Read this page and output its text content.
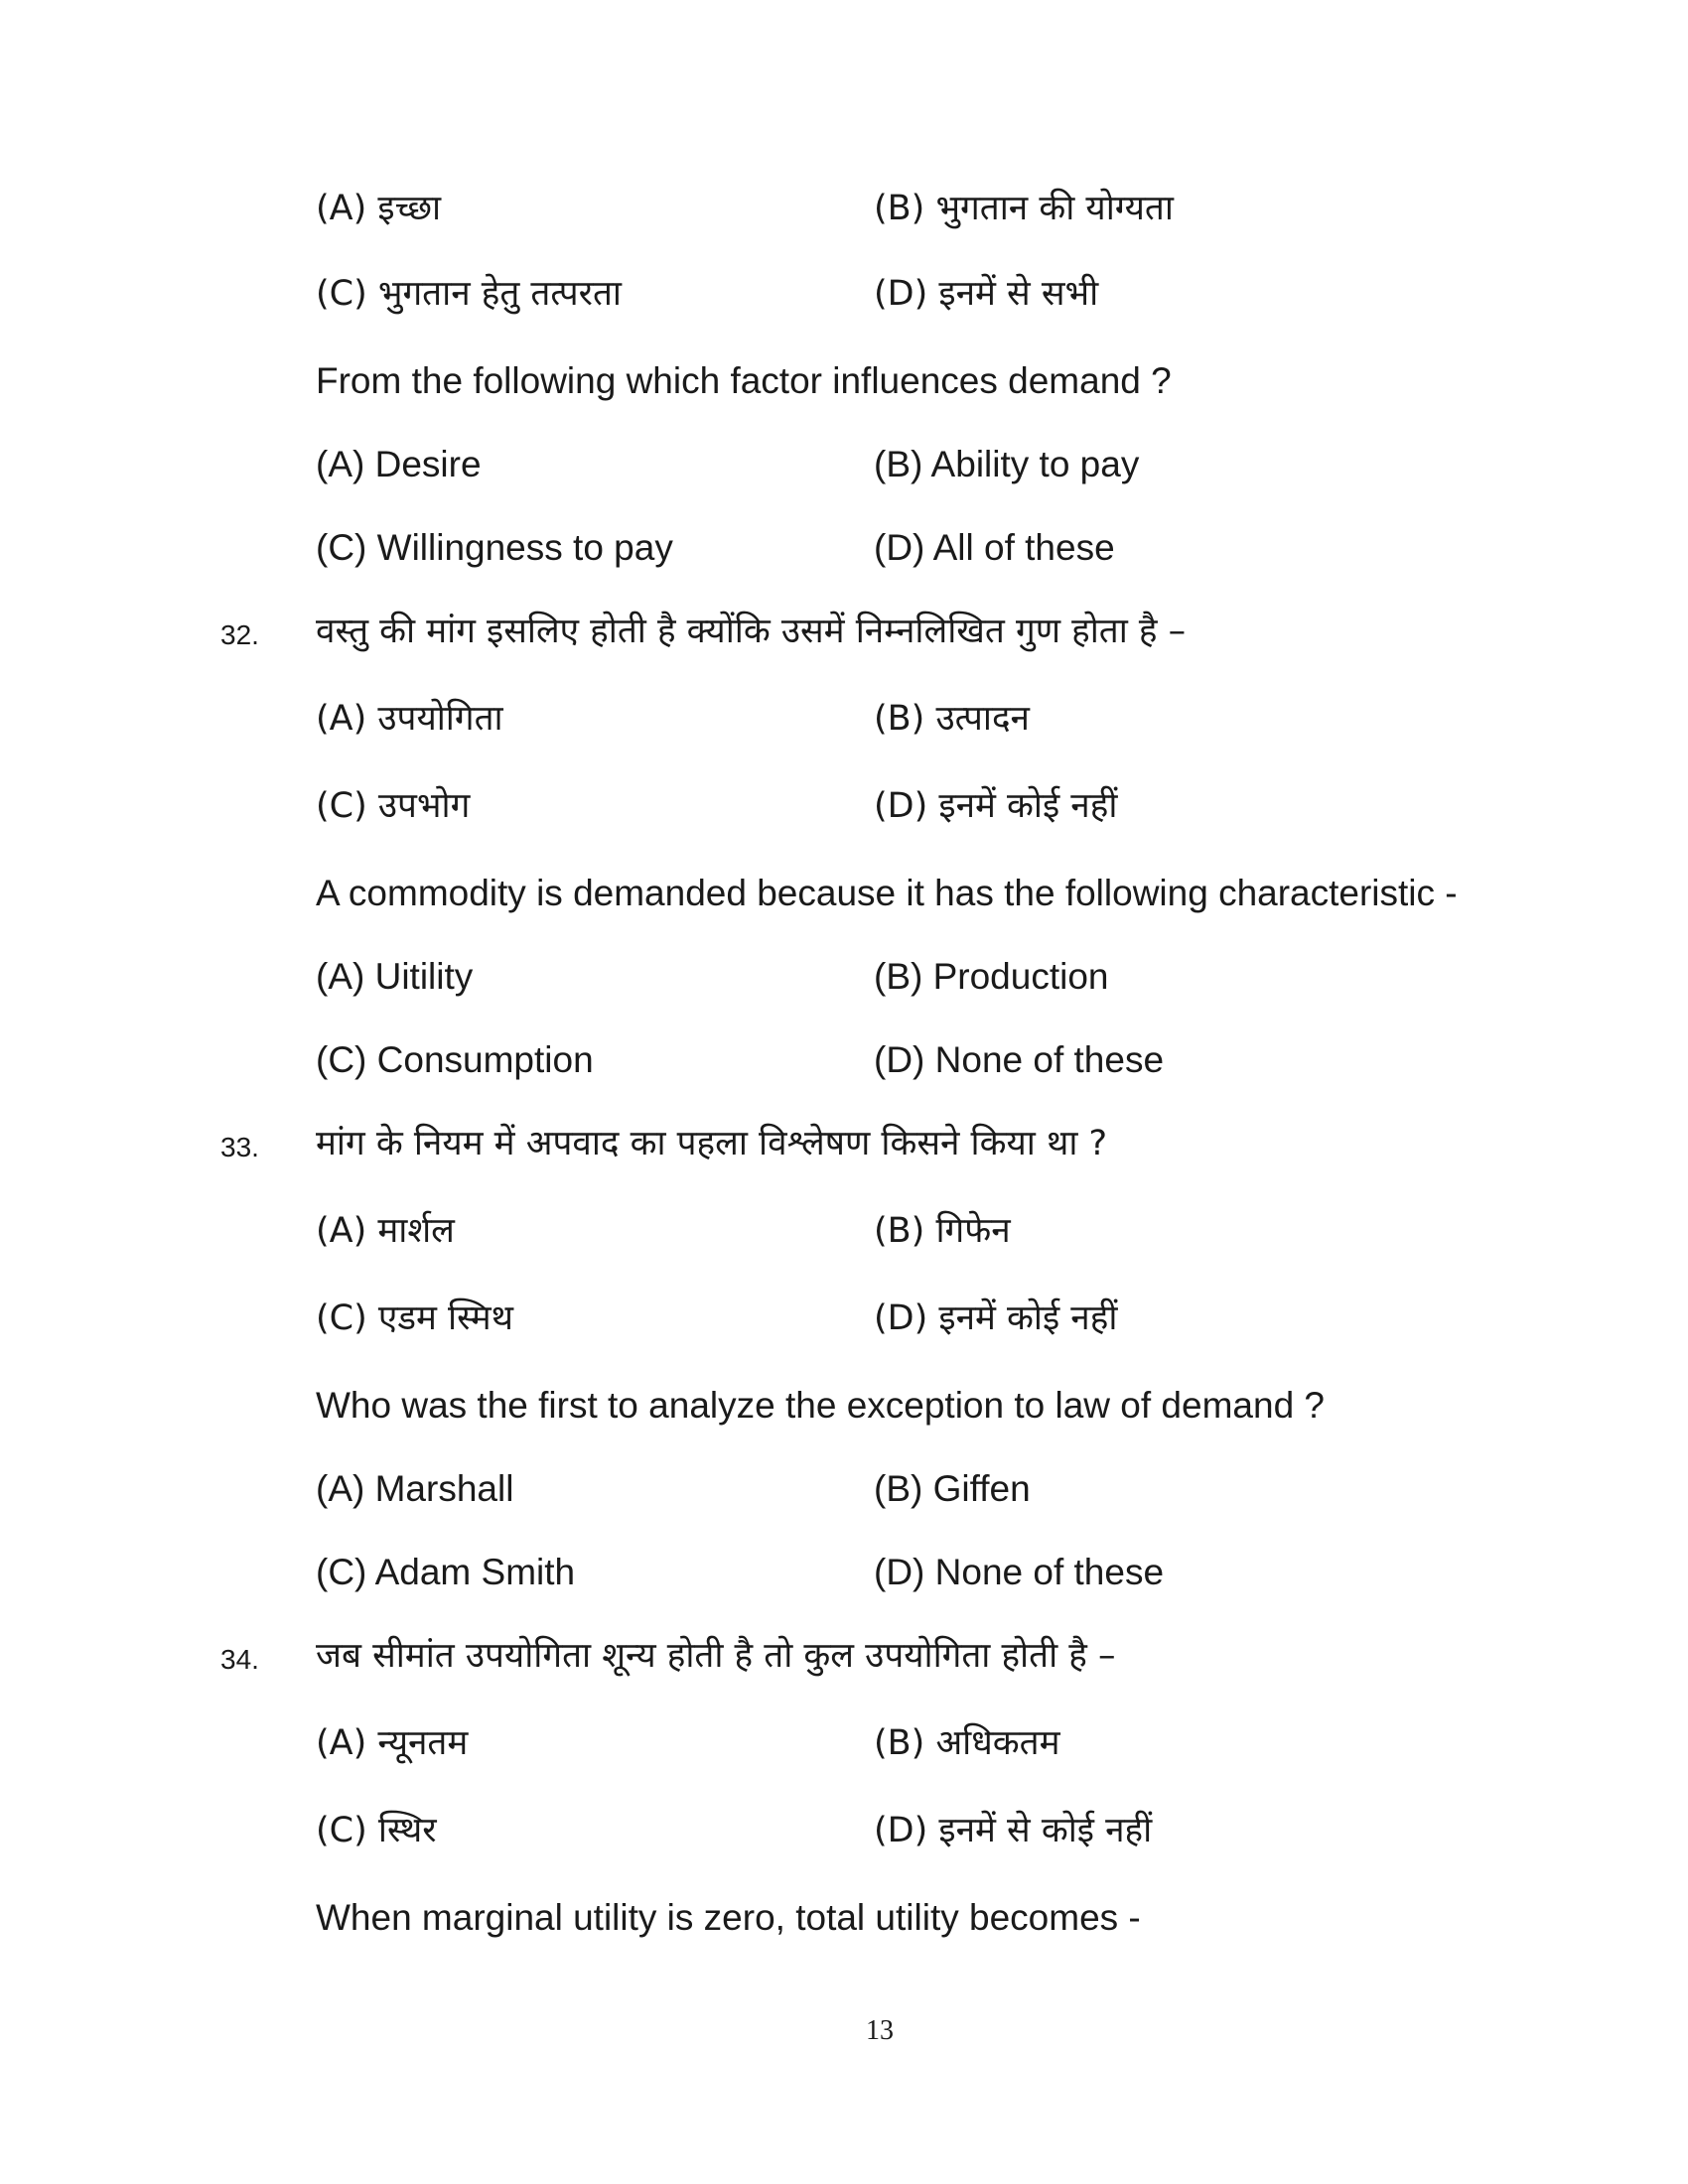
(A) इच्छा	(B) भुगतान की योग्यता
(C) भुगतान हेतु तत्परता	(D) इनमें से सभी
From the following which factor influences demand ?
(A) Desire	(B) Ability to pay
(C) Willingness to pay	(D) All of these
32. वस्तु की मांग इसलिए होती है क्योंकि उसमें निम्नलिखित गुण होता है –
(A) उपयोगिता	(B) उत्पादन
(C) उपभोग	(D) इनमें कोई नहीं
A commodity is demanded because it has the following characteristic -
(A) Uitility	(B) Production
(C) Consumption	(D) None of these
33. मांग के नियम में अपवाद का पहला विश्लेषण किसने किया था ?
(A) मार्शल	(B) गिफेन
(C) एडम स्मिथ	(D) इनमें कोई नहीं
Who was the first to analyze the exception to law of demand ?
(A) Marshall	(B) Giffen
(C) Adam Smith	(D) None of these
34. जब सीमांत उपयोगिता शून्य होती है तो कुल उपयोगिता होती है –
(A) न्यूनतम	(B) अधिकतम
(C) स्थिर	(D) इनमें से कोई नहीं
When marginal utility is zero, total utility becomes -
13
